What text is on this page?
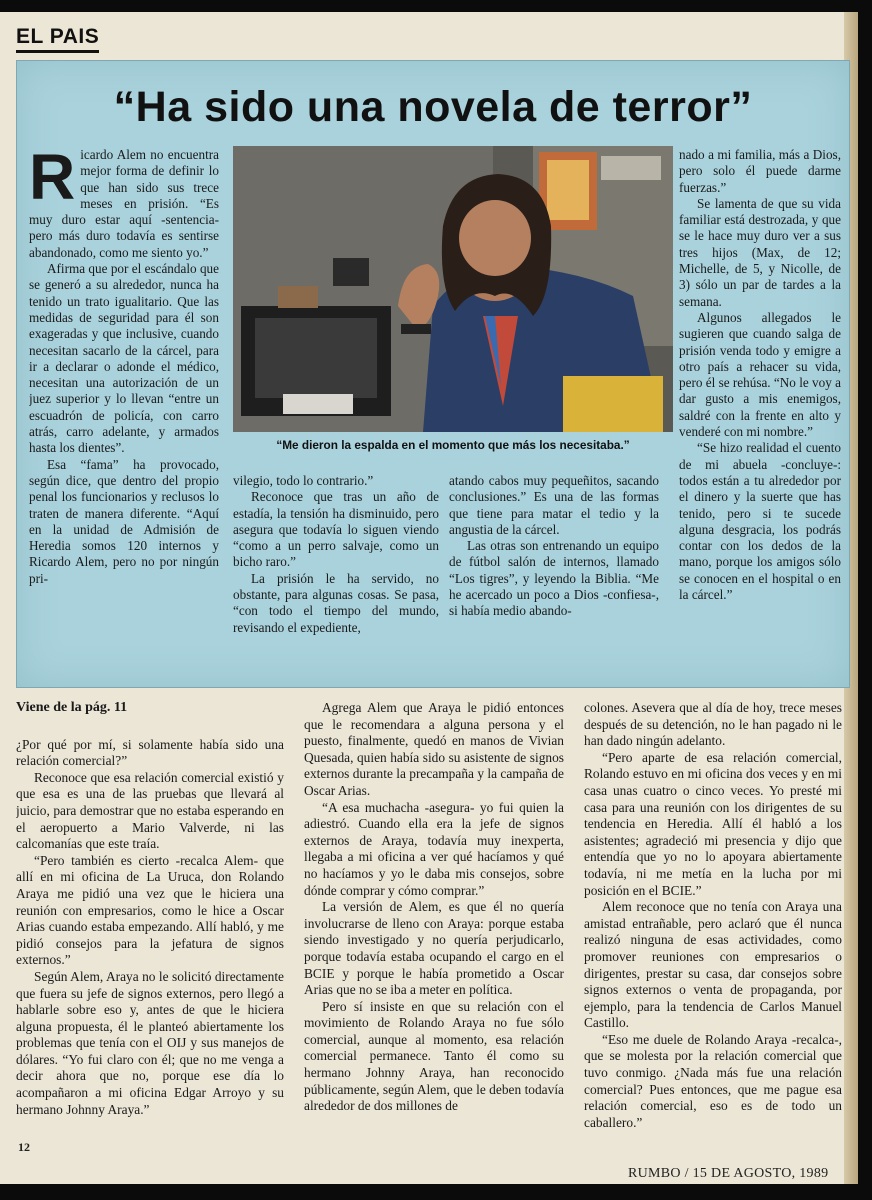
EL PAIS
“Ha sido una novela de terror”

Ricardo Alem no encuentra mejor forma de definir lo que han sido sus trece meses en prisión. “Es muy duro estar aquí -sentencia- pero más duro todavía es sentirse abandonado, como me siento yo.”

Afirma que por el escándalo que se generó a su alrededor, nunca ha tenido un trato igualitario. Que las medidas de seguridad para él son exageradas y que inclusive, cuando necesitan sacarlo de la cárcel, para ir a declarar o adonde el médico, necesitan una autorización de un juez superior y lo llevan “entre un escuadrón de policía, con carro atrás, carro adelante, y armados hasta los dientes”.

Esa “fama” ha provocado, según dice, que dentro del propio penal los funcionarios y reclusos lo traten de manera diferente. “Aquí en la unidad de Admisión de Heredia somos 120 internos y Ricardo Alem, pero no por ningún pri-

“Me dieron la espalda en el momento que más los necesitaba.”

vilegio, todo lo contrario.”

Reconoce que tras un año de estadía, la tensión ha disminuido, pero asegura que todavía lo siguen viendo “como a un perro salvaje, como un bicho raro.”

La prisión le ha servido, no obstante, para algunas cosas. Se pasa, “con todo el tiempo del mundo, revisando el expediente,

atando cabos muy pequeñitos, sacando conclusiones.” Es una de las formas que tiene para matar el tedio y la angustia de la cárcel.

Las otras son entrenando un equipo de fútbol salón de internos, llamado “Los tigres”, y leyendo la Biblia. “Me he acercado un poco a Dios -confiesa-, si había medio abando-

nado a mi familia, más a Dios, pero solo él puede darme fuerzas.”

Se lamenta de que su vida familiar está destrozada, y que se le hace muy duro ver a sus tres hijos (Max, de 12; Michelle, de 5, y Nicolle, de 3) sólo un par de tardes a la semana.

Algunos allegados le sugieren que cuando salga de prisión venda todo y emigre a otro país a rehacer su vida, pero él se rehúsa. “No le voy a dar gusto a mis enemigos, saldré con la frente en alto y venderé con mi nombre.”

“Se hizo realidad el cuento de mi abuela -concluye-: todos están a tu alrededor por el dinero y la suerte que has tenido, pero si te sucede alguna desgracia, los podrás contar con los dedos de la mano, porque los amigos sólo se conocen en el hospital o en la cárcel.”

Viene de la pág. 11

¿Por qué por mí, si solamente había sido una relación comercial?”

Reconoce que esa relación comercial existió y que esa es una de las pruebas que llevará al juicio, para demostrar que no estaba esperando en el aeropuerto a Mario Valverde, ni las calcomanías que este traía.

“Pero también es cierto -recalca Alem- que allí en mi oficina de La Uruca, don Rolando Araya me pidió una vez que le hiciera una reunión con empresarios, como le hice a Oscar Arias cuando estaba empezando. Allí habló, y me pidió consejos para la jefatura de signos externos.”

Según Alem, Araya no le solicitó directamente que fuera su jefe de signos externos, pero llegó a hablarle sobre eso y, antes de que le hiciera alguna propuesta, él le planteó abiertamente los problemas que tenía con el OIJ y sus manejos de dólares. “Yo fui claro con él; que no me venga a decir ahora que no, porque ese día lo acompañaron a mi oficina Edgar Arroyo y su hermano Johnny Araya.”

Agrega Alem que Araya le pidió entonces que le recomendara a alguna persona y el puesto, finalmente, quedó en manos de Vivian Quesada, quien había sido su asistente de signos externos durante la precampaña y la campaña de Oscar Arias.

“A esa muchacha -asegura- yo fui quien la adiestró. Cuando ella era la jefe de signos externos de Araya, todavía muy inexperta, llegaba a mi oficina a ver qué hacíamos y qué no hacíamos y yo le daba mis consejos, sobre dónde comprar y cómo comprar.”

La versión de Alem, es que él no quería involucrarse de lleno con Araya: porque estaba siendo investigado y no quería perjudicarlo, porque todavía estaba ocupando el cargo en el BCIE y porque le había prometido a Oscar Arias que no se iba a meter en política.

Pero sí insiste en que su relación con el movimiento de Rolando Araya no fue sólo comercial, aunque al momento, esa relación comercial permanece. Tanto él como su hermano Johnny Araya, han reconocido públicamente, según Alem, que le deben todavía alrededor de dos millones de

colones. Asevera que al día de hoy, trece meses después de su detención, no le han pagado ni le han dado ningún adelanto.

“Pero aparte de esa relación comercial, Rolando estuvo en mi oficina dos veces y en mi casa unas cuatro o cinco veces. Yo presté mi casa para una reunión con los dirigentes de su tendencia en Heredia. Allí él habló a los asistentes; agradeció mi presencia y dijo que entendía que yo no lo apoyara abiertamente todavía, ni me metía en la lucha por mi posición en el BCIE.”

Alem reconoce que no tenía con Araya una amistad entrañable, pero aclaró que él nunca realizó ninguna de esas actividades, como promover reuniones con empresarios o dirigentes, prestar su casa, dar consejos sobre signos externos o venta de propaganda, por ejemplo, para la tendencia de Carlos Manuel Castillo.

“Eso me duele de Rolando Araya -recalca-, que se molesta por la relación comercial que tuvo conmigo. ¿Nada más fue una relación comercial? Pues entonces, que me pague esa relación comercial, eso es de todo un caballero.”

12
RUMBO / 15 DE AGOSTO, 1989
